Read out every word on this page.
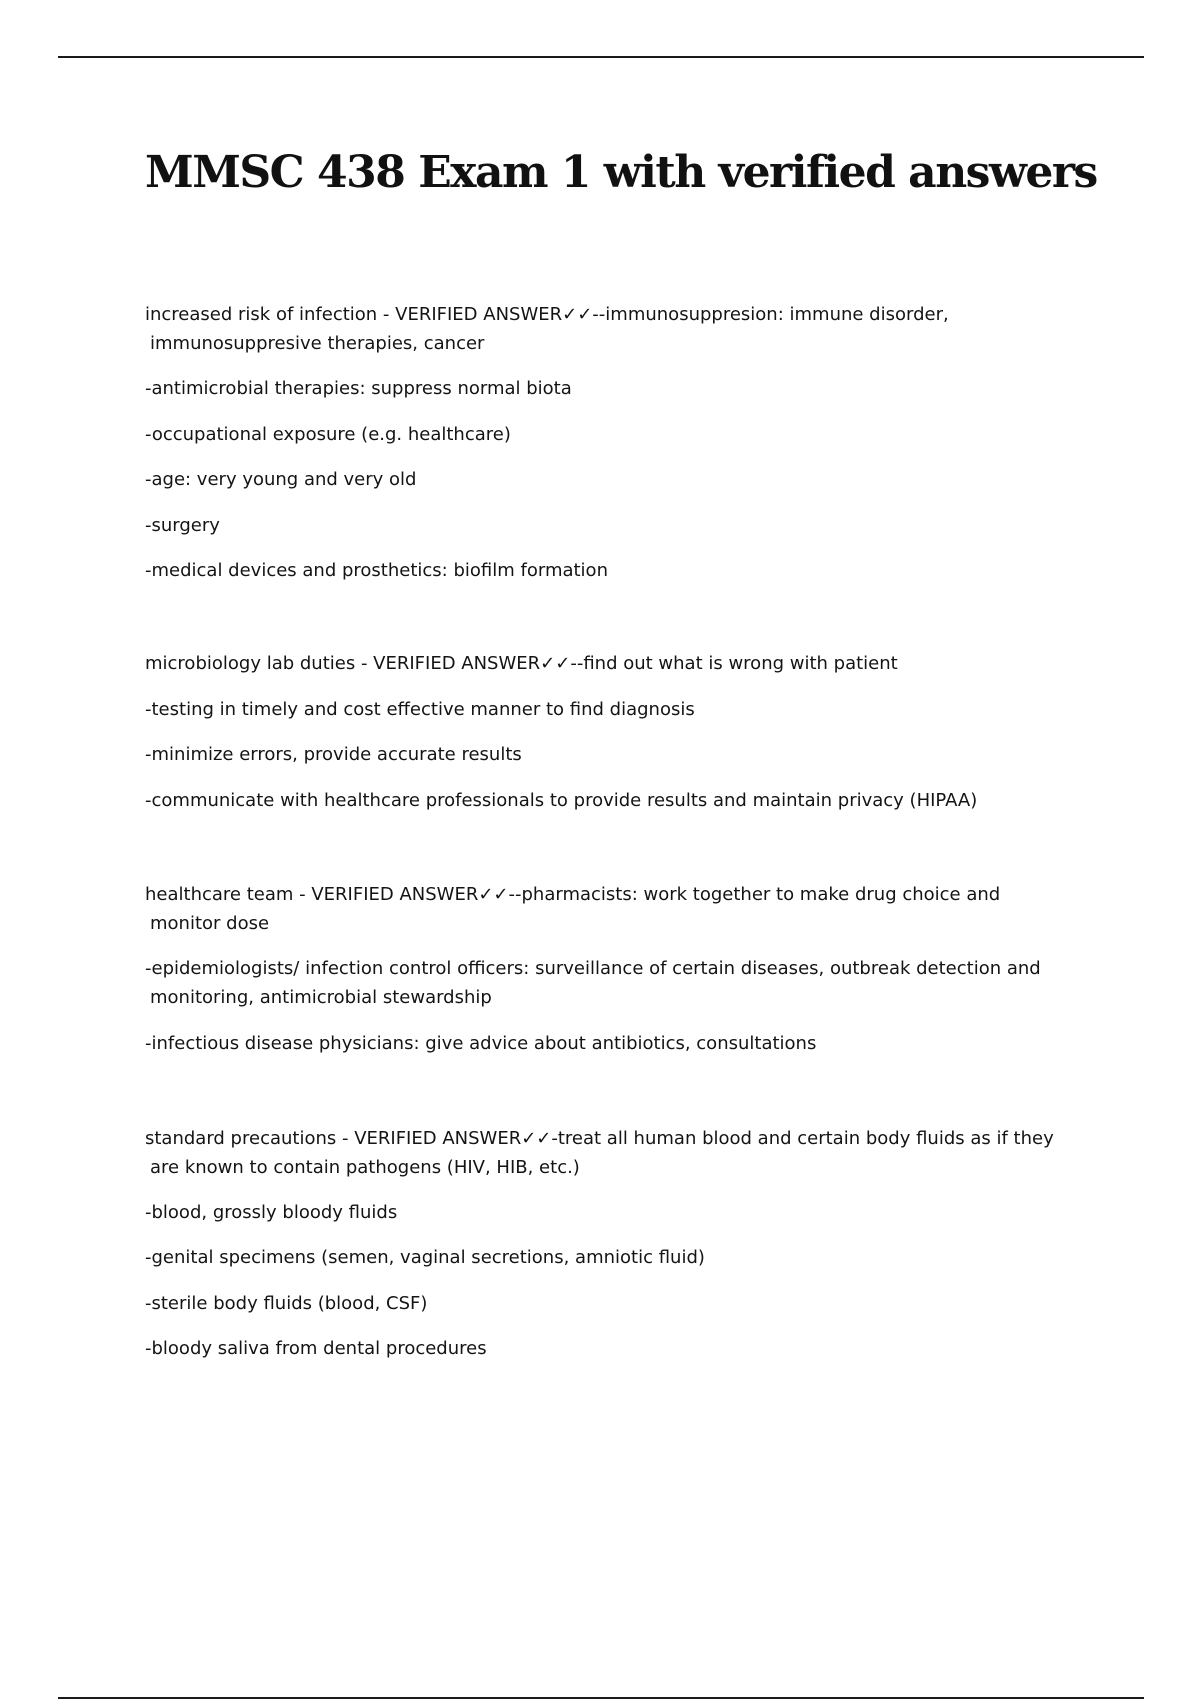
MMSC 438 Exam 1 with verified answers

increased risk of infection - VERIFIED ANSWER✓✓--immunosuppresion: immune disorder,

immunosuppresive therapies, cancer

-antimicrobial therapies: suppress normal biota

-occupational exposure (e.g. healthcare)

-age: very young and very old

-surgery

-medical devices and prosthetics: biofilm formation

microbiology lab duties - VERIFIED ANSWER✓✓--find out what is wrong with patient

-testing in timely and cost effective manner to find diagnosis

-minimize errors, provide accurate results

-communicate with healthcare professionals to provide results and maintain privacy (HIPAA)

healthcare team - VERIFIED ANSWER✓✓--pharmacists: work together to make drug choice and

monitor dose

-epidemiologists/ infection control officers: surveillance of certain diseases, outbreak detection and

monitoring, antimicrobial stewardship

-infectious disease physicians: give advice about antibiotics, consultations

standard precautions - VERIFIED ANSWER✓✓-treat all human blood and certain body fluids as if they

are known to contain pathogens (HIV, HIB, etc.)

-blood, grossly bloody fluids

-genital specimens (semen, vaginal secretions, amniotic fluid)

-sterile body fluids (blood, CSF)

-bloody saliva from dental procedures
